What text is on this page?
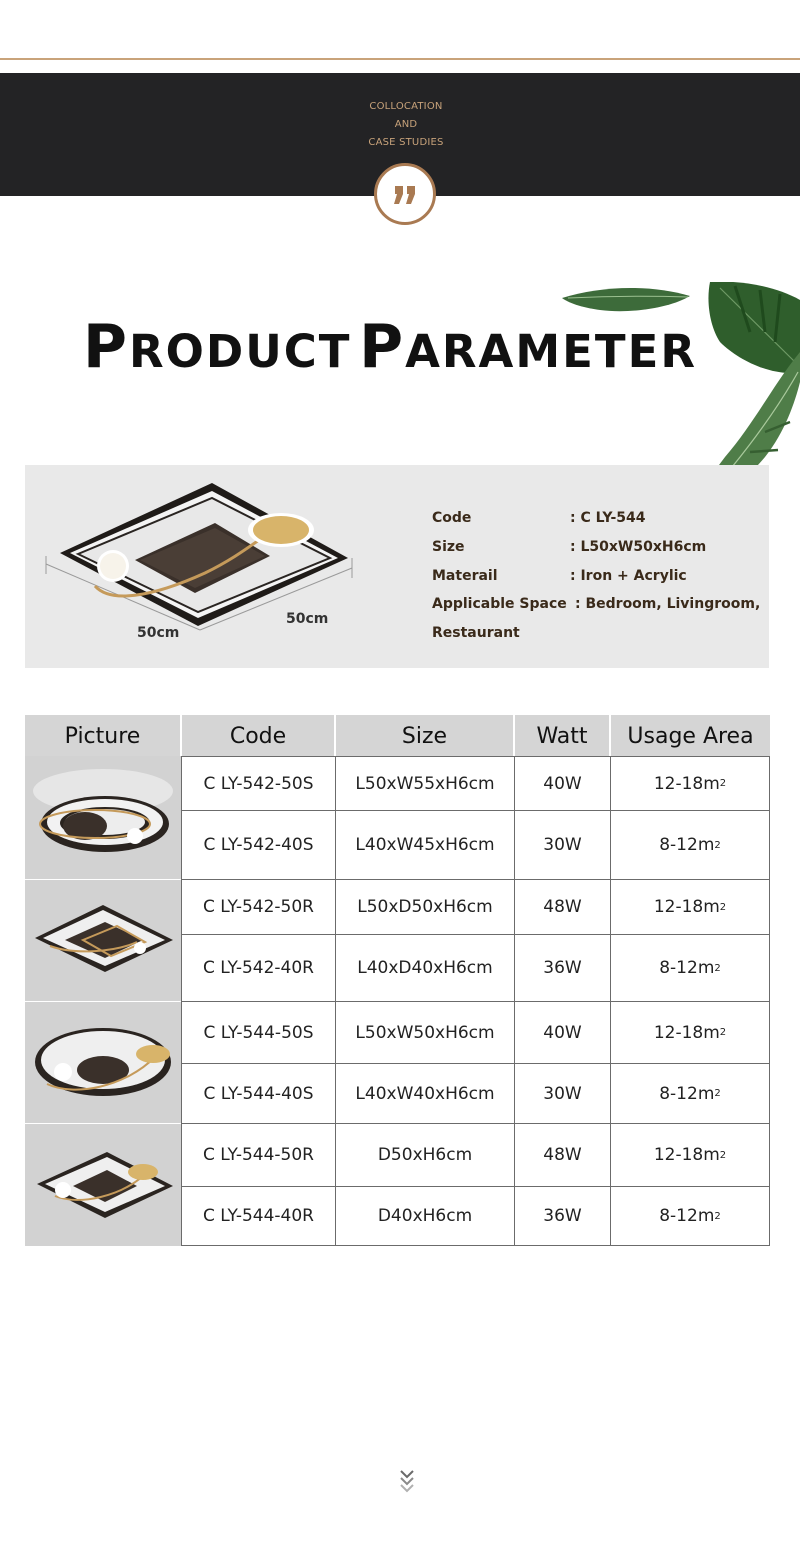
COLLOCATION
AND
CASE STUDIES
PRODUCT PARAMETER
50cm
50cm
Code	: C LY-544
Size	: L50xW50xH6cm
Materail	: Iron + Acrylic
Applicable Space : Bedroom, Livingroom,
Restaurant
Picture	Code	Size	Watt	Usage Area
C LY-542-50S	L50xW55xH6cm	40W	12-18m 2
C LY-542-40S	L40xW45xH6cm	30W	8-12m 2
C LY-542-50R	L50xD50xH6cm	48W	12-18m 2
C LY-542-40R	L40xD40xH6cm	36W	8-12m 2
C LY-544-50S	L50xW50xH6cm	40W	12-18m 2
C LY-544-40S	L40xW40xH6cm	30W	8-12m 2
C LY-544-50R	D50xH6cm	48W	12-18m 2
C LY-544-40R	D40xH6cm	36W	8-12m 2
